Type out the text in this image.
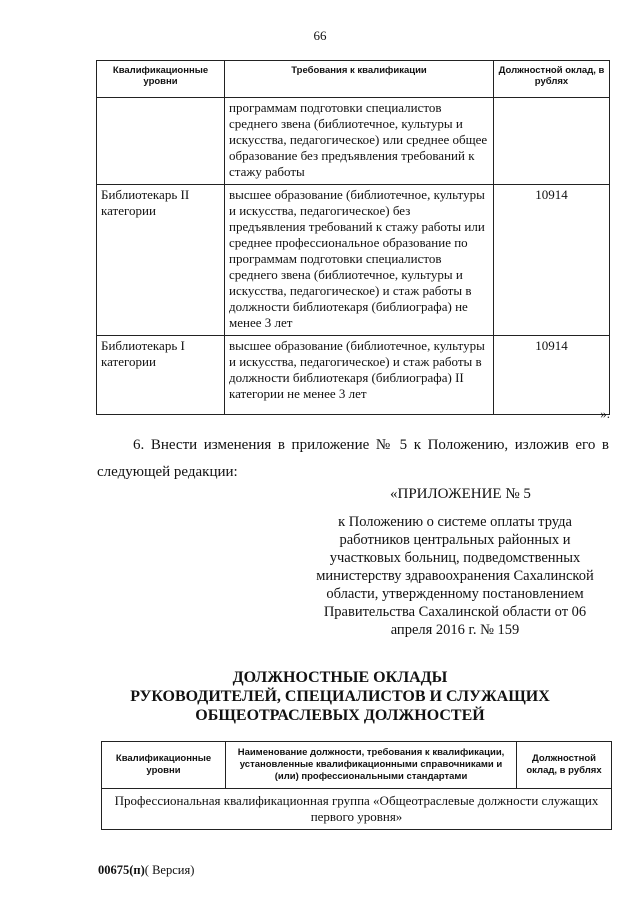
66
Квалификационные уровни	Требования к квалификации	Должностной оклад, в рублях
	программам подготовки специалистов среднего звена (библиотечное, культуры и искусства, педагогическое) или среднее общее образование без предъявления требований к стажу работы	
Библиотекарь II категории	высшее образование (библиотечное, культуры и искусства, педагогическое) без предъявления требований к стажу работы или среднее профессиональное образование по программам подготовки специалистов среднего звена (библиотечное, культуры и искусства, педагогическое) и стаж работы в должности библиотекаря (библиографа) не менее 3 лет	10914
Библиотекарь I категории	высшее образование (библиотечное, культуры и искусства, педагогическое) и стаж работы в должности библиотекаря (библиографа) II категории не менее 3 лет	10914
».
6. Внести изменения в приложение № 5 к Положению, изложив его в следующей редакции:
«ПРИЛОЖЕНИЕ № 5
к Положению о системе оплаты труда работников центральных районных и участковых больниц, подведомственных министерству здравоохранения Сахалинской области, утвержденному постановлением Правительства Сахалинской области от 06 апреля 2016 г. № 159
ДОЛЖНОСТНЫЕ ОКЛАДЫ
РУКОВОДИТЕЛЕЙ, СПЕЦИАЛИСТОВ И СЛУЖАЩИХ
ОБЩЕОТРАСЛЕВЫХ ДОЛЖНОСТЕЙ
Квалификационные уровни	Наименование должности, требования к квалификации, установленные квалификационными справочниками и (или) профессиональными стандартами	Должностной оклад, в рублях
Профессиональная квалификационная группа «Общеотраслевые должности служащих первого уровня»
00675(п)( Версия)
